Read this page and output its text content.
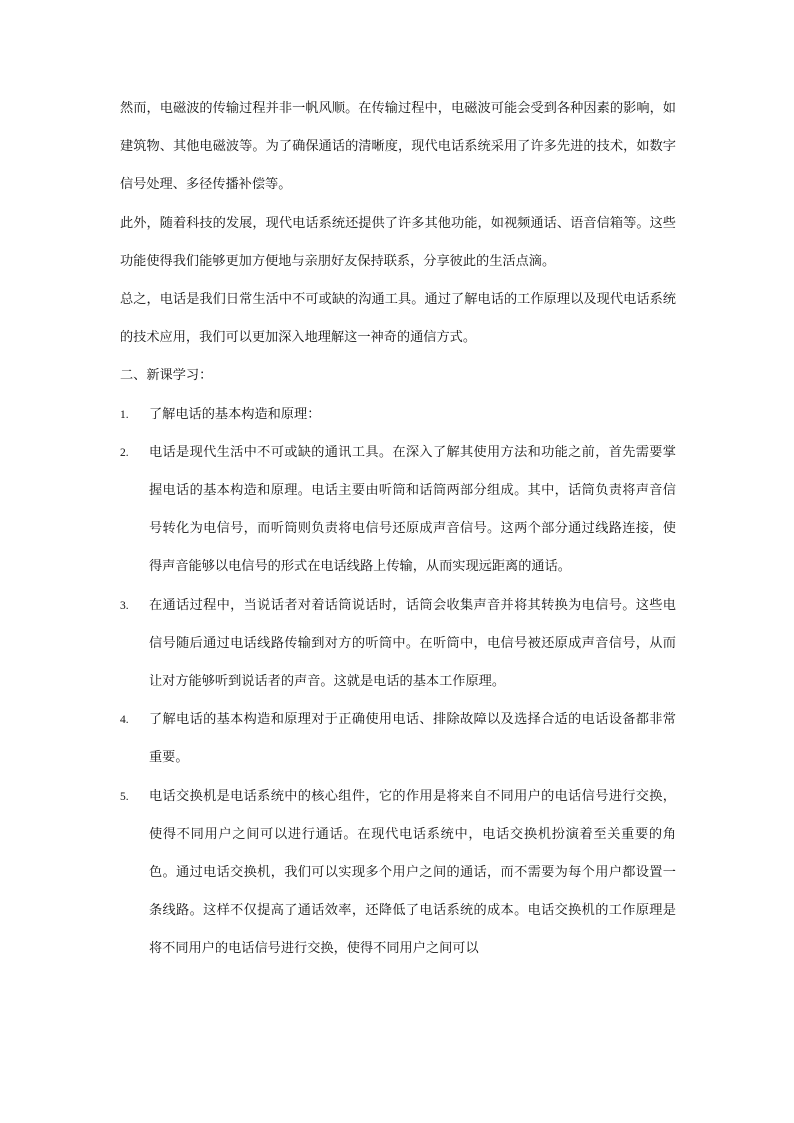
然而，电磁波的传输过程并非一帆风顺。在传输过程中，电磁波可能会受到各种因素的影响，如建筑物、其他电磁波等。为了确保通话的清晰度，现代电话系统采用了许多先进的技术，如数字信号处理、多径传播补偿等。

此外，随着科技的发展，现代电话系统还提供了许多其他功能，如视频通话、语音信箱等。这些功能使得我们能够更加方便地与亲朋好友保持联系，分享彼此的生活点滴。

总之，电话是我们日常生活中不可或缺的沟通工具。通过了解电话的工作原理以及现代电话系统的技术应用，我们可以更加深入地理解这一神奇的通信方式。

二、新课学习：

1. 了解电话的基本构造和原理：
2. 电话是现代生活中不可或缺的通讯工具。在深入了解其使用方法和功能之前，首先需要掌握电话的基本构造和原理。电话主要由听筒和话筒两部分组成。其中，话筒负责将声音信号转化为电信号，而听筒则负责将电信号还原成声音信号。这两个部分通过线路连接，使得声音能够以电信号的形式在电话线路上传输，从而实现远距离的通话。
3. 在通话过程中，当说话者对着话筒说话时，话筒会收集声音并将其转换为电信号。这些电信号随后通过电话线路传输到对方的听筒中。在听筒中，电信号被还原成声音信号，从而让对方能够听到说话者的声音。这就是电话的基本工作原理。
4. 了解电话的基本构造和原理对于正确使用电话、排除故障以及选择合适的电话设备都非常重要。
5. 电话交换机是电话系统中的核心组件，它的作用是将来自不同用户的电话信号进行交换，使得不同用户之间可以进行通话。在现代电话系统中，电话交换机扮演着至关重要的角色。通过电话交换机，我们可以实现多个用户之间的通话，而不需要为每个用户都设置一条线路。这样不仅提高了通话效率，还降低了电话系统的成本。电话交换机的工作原理是将不同用户的电话信号进行交换，使得不同用户之间可以
